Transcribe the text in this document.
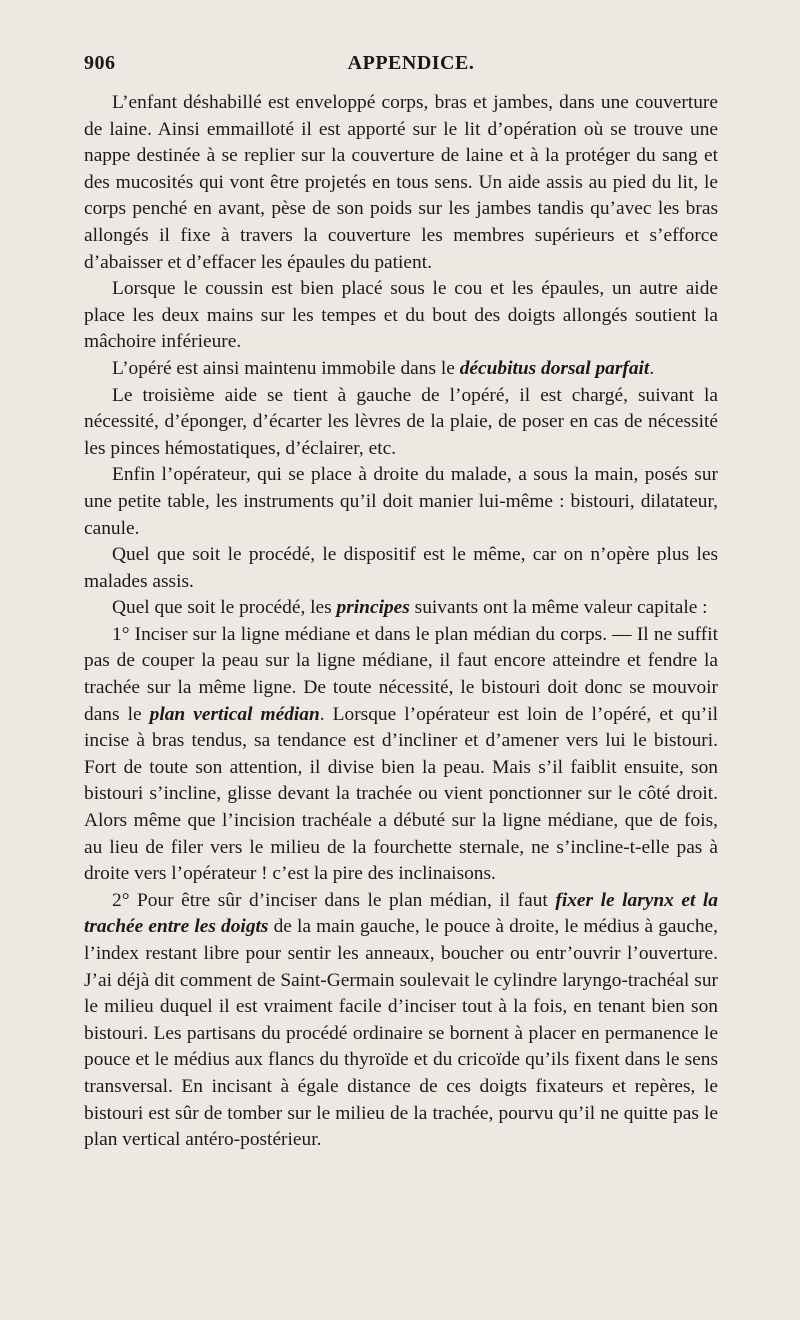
906	APPENDICE.

L’enfant déshabillé est enveloppé corps, bras et jambes, dans une couverture de laine. Ainsi emmailloté il est apporté sur le lit d’opération où se trouve une nappe destinée à se replier sur la couverture de laine et à la protéger du sang et des mucosités qui vont être projetés en tous sens. Un aide assis au pied du lit, le corps penché en avant, pèse de son poids sur les jambes tandis qu’avec les bras allongés il fixe à travers la couverture les membres supérieurs et s’efforce d’abaisser et d’effacer les épaules du patient.

Lorsque le coussin est bien placé sous le cou et les épaules, un autre aide place les deux mains sur les tempes et du bout des doigts allongés soutient la mâchoire inférieure.

L’opéré est ainsi maintenu immobile dans le décubitus dorsal parfait.

Le troisième aide se tient à gauche de l’opéré, il est chargé, suivant la nécessité, d’éponger, d’écarter les lèvres de la plaie, de poser en cas de nécessité les pinces hémostatiques, d’éclairer, etc.

Enfin l’opérateur, qui se place à droite du malade, a sous la main, posés sur une petite table, les instruments qu’il doit manier lui-même : bistouri, dilatateur, canule.

Quel que soit le procédé, le dispositif est le même, car on n’opère plus les malades assis.

Quel que soit le procédé, les principes suivants ont la même valeur capitale :

1° Inciser sur la ligne médiane et dans le plan médian du corps. — Il ne suffit pas de couper la peau sur la ligne médiane, il faut encore atteindre et fendre la trachée sur la même ligne. De toute nécessité, le bistouri doit donc se mouvoir dans le plan vertical médian. Lorsque l’opérateur est loin de l’opéré, et qu’il incise à bras tendus, sa tendance est d’incliner et d’amener vers lui le bistouri. Fort de toute son attention, il divise bien la peau. Mais s’il faiblit ensuite, son bistouri s’incline, glisse devant la trachée ou vient ponctionner sur le côté droit. Alors même que l’incision trachéale a débuté sur la ligne médiane, que de fois, au lieu de filer vers le milieu de la fourchette sternale, ne s’incline-t-elle pas à droite vers l’opérateur ! c’est la pire des inclinaisons.

2° Pour être sûr d’inciser dans le plan médian, il faut fixer le larynx et la trachée entre les doigts de la main gauche, le pouce à droite, le médius à gauche, l’index restant libre pour sentir les anneaux, boucher ou entr’ouvrir l’ouverture. J’ai déjà dit comment de Saint-Germain soulevait le cylindre laryngo-trachéal sur le milieu duquel il est vraiment facile d’inciser tout à la fois, en tenant bien son bistouri. Les partisans du procédé ordinaire se bornent à placer en permanence le pouce et le médius aux flancs du thyroïde et du cricoïde qu’ils fixent dans le sens transversal. En incisant à égale distance de ces doigts fixateurs et repères, le bistouri est sûr de tomber sur le milieu de la trachée, pourvu qu’il ne quitte pas le plan vertical antéro-postérieur.
